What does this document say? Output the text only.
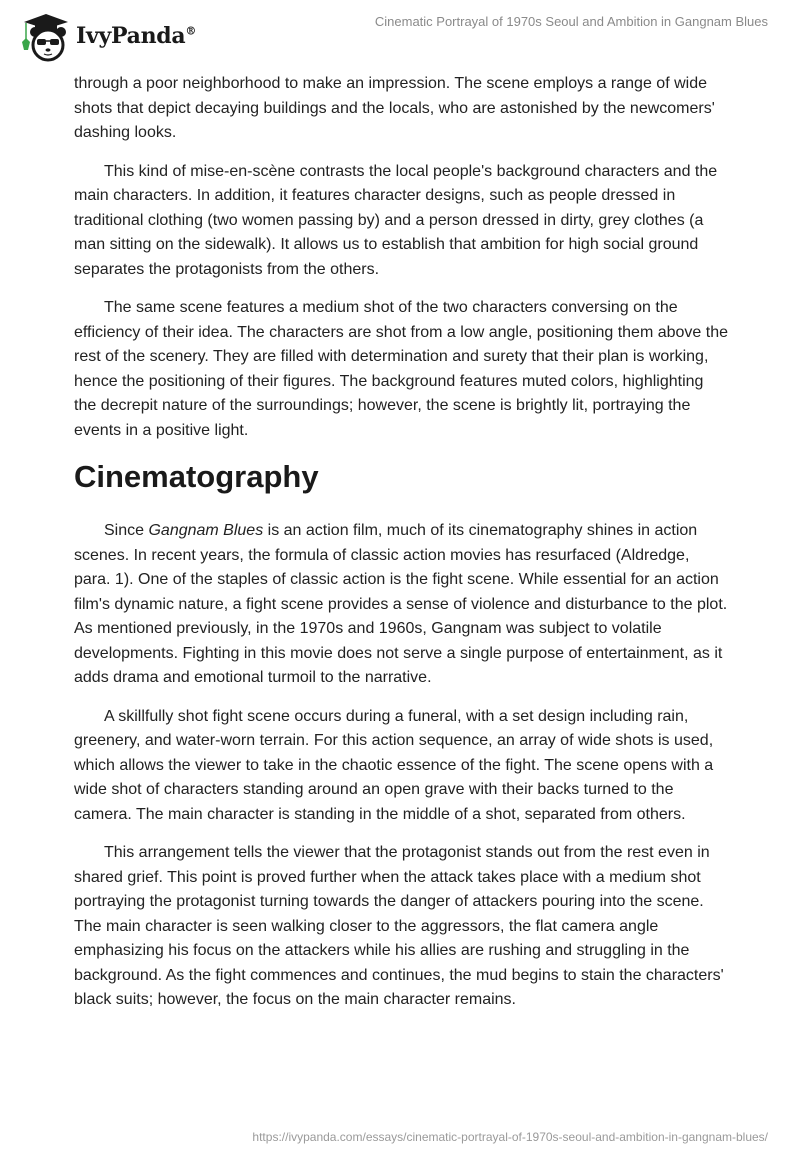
IvyPanda®
Cinematic Portrayal of 1970s Seoul and Ambition in Gangnam Blues

through a poor neighborhood to make an impression. The scene employs a range of wide shots that depict decaying buildings and the locals, who are astonished by the newcomers' dashing looks.

This kind of mise-en-scène contrasts the local people's background characters and the main characters. In addition, it features character designs, such as people dressed in traditional clothing (two women passing by) and a person dressed in dirty, grey clothes (a man sitting on the sidewalk). It allows us to establish that ambition for high social ground separates the protagonists from the others.

The same scene features a medium shot of the two characters conversing on the efficiency of their idea. The characters are shot from a low angle, positioning them above the rest of the scenery. They are filled with determination and surety that their plan is working, hence the positioning of their figures. The background features muted colors, highlighting the decrepit nature of the surroundings; however, the scene is brightly lit, portraying the events in a positive light.

Cinematography

Since Gangnam Blues is an action film, much of its cinematography shines in action scenes. In recent years, the formula of classic action movies has resurfaced (Aldredge, para. 1). One of the staples of classic action is the fight scene. While essential for an action film's dynamic nature, a fight scene provides a sense of violence and disturbance to the plot. As mentioned previously, in the 1970s and 1960s, Gangnam was subject to volatile developments. Fighting in this movie does not serve a single purpose of entertainment, as it adds drama and emotional turmoil to the narrative.

A skillfully shot fight scene occurs during a funeral, with a set design including rain, greenery, and water-worn terrain. For this action sequence, an array of wide shots is used, which allows the viewer to take in the chaotic essence of the fight. The scene opens with a wide shot of characters standing around an open grave with their backs turned to the camera. The main character is standing in the middle of a shot, separated from others.

This arrangement tells the viewer that the protagonist stands out from the rest even in shared grief. This point is proved further when the attack takes place with a medium shot portraying the protagonist turning towards the danger of attackers pouring into the scene. The main character is seen walking closer to the aggressors, the flat camera angle emphasizing his focus on the attackers while his allies are rushing and struggling in the background. As the fight commences and continues, the mud begins to stain the characters' black suits; however, the focus on the main character remains.

https://ivypanda.com/essays/cinematic-portrayal-of-1970s-seoul-and-ambition-in-gangnam-blues/
